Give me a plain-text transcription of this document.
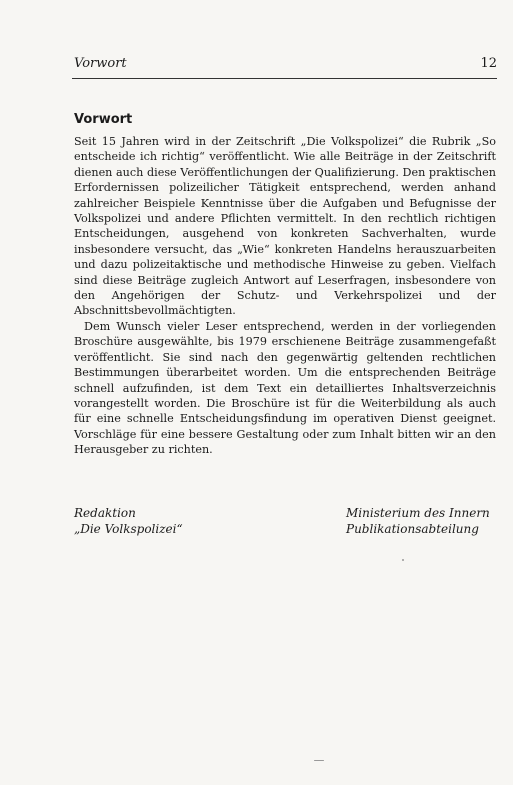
Vorwort	12
Vorwort

Seit 15 Jahren wird in der Zeitschrift „Die Volkspolizei“ die Rubrik „So entscheide ich richtig“ veröffentlicht. Wie alle Beiträge in der Zeitschrift dienen auch diese Veröffentlichungen der Qualifizierung. Den praktischen Erfordernissen polizeilicher Tätigkeit entsprechend, werden anhand zahlreicher Beispiele Kenntnisse über die Aufgaben und Befugnisse der Volkspolizei und andere Pflichten vermittelt. In den rechtlich richtigen Entscheidungen, ausgehend von konkreten Sachverhalten, wurde insbesondere versucht, das „Wie“ konkreten Handelns herauszuarbeiten und dazu polizeitaktische und methodische Hinweise zu geben. Vielfach sind diese Beiträge zugleich Antwort auf Leserfragen, insbesondere von den Angehörigen der Schutz- und Verkehrspolizei und der Abschnittsbevollmächtigten.

Dem Wunsch vieler Leser entsprechend, werden in der vorliegenden Broschüre ausgewählte, bis 1979 erschienene Beiträge zusammengefaßt veröffentlicht. Sie sind nach den gegenwärtig geltenden rechtlichen Bestimmungen überarbeitet worden. Um die entsprechenden Beiträge schnell aufzufinden, ist dem Text ein detailliertes Inhaltsverzeichnis vorangestellt worden. Die Broschüre ist für die Weiterbildung als auch für eine schnelle Entscheidungsfindung im operativen Dienst geeignet. Vorschläge für eine bessere Gestaltung oder zum Inhalt bitten wir an den Herausgeber zu richten.

Redaktion
„Die Volkspolizei“
Ministerium des Innern
Publikationsabteilung
